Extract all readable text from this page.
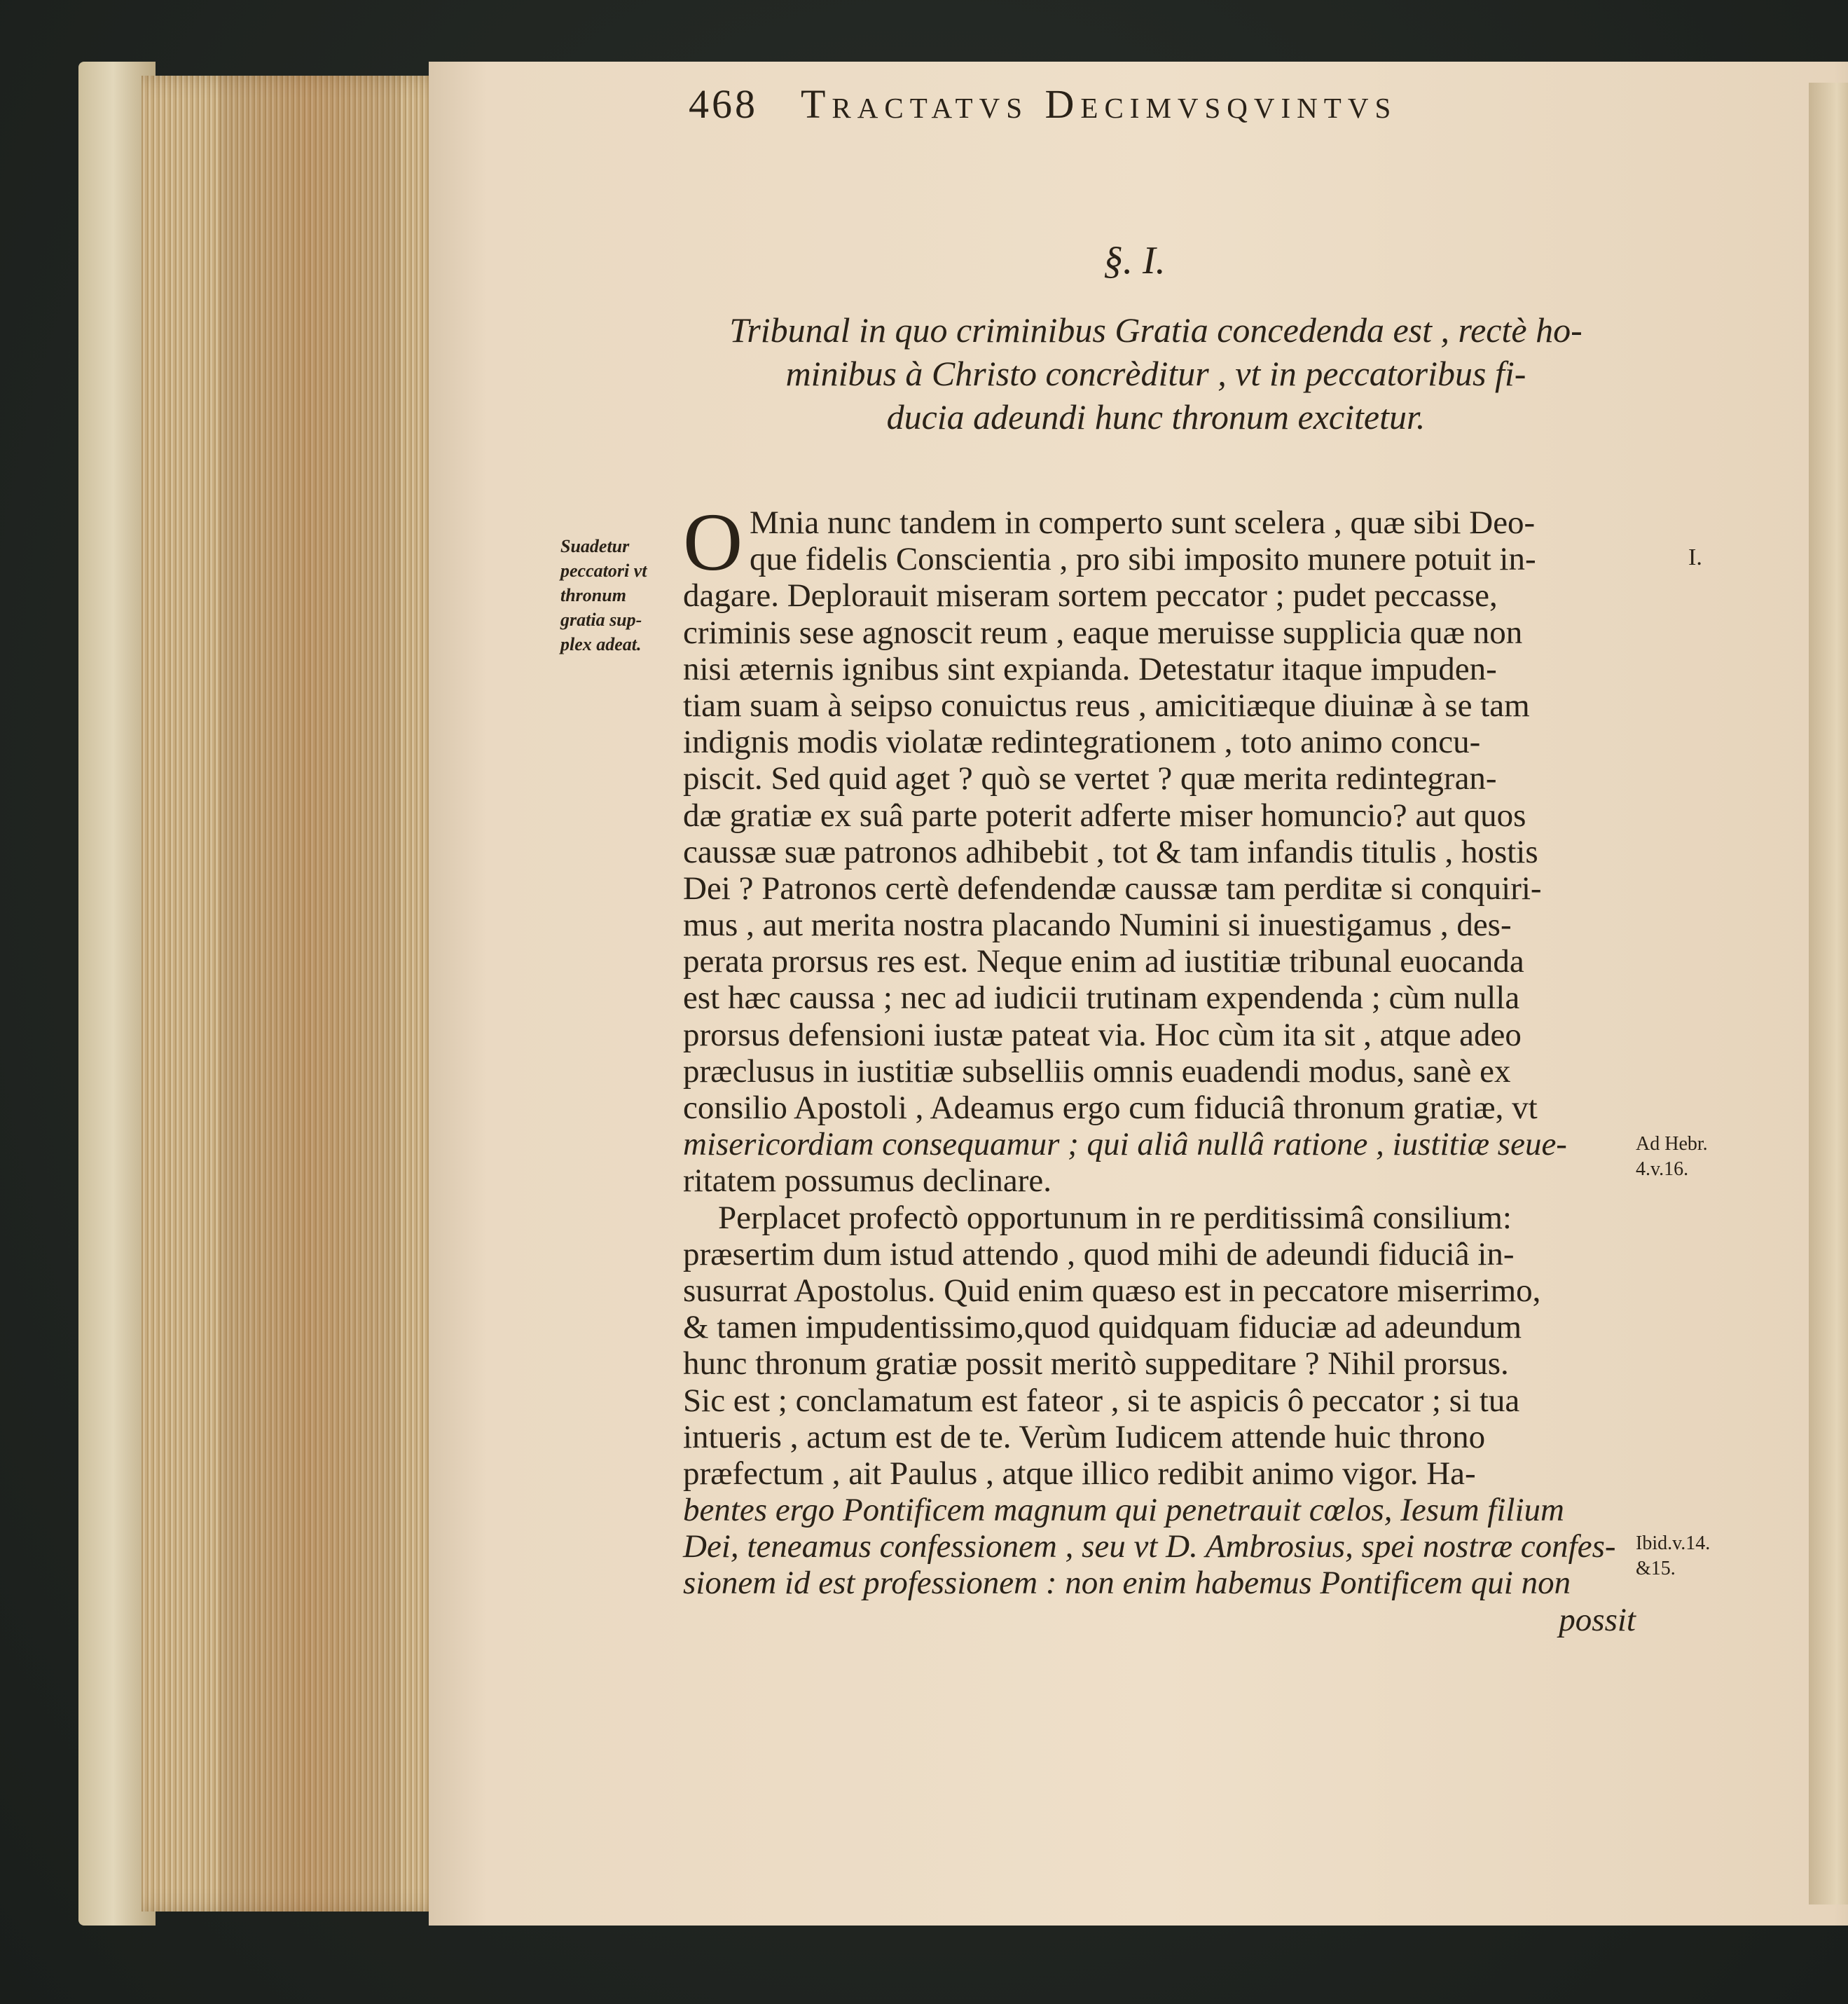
468 Tractatvs Decimvsqvintvs
§. I.
Tribunal in quo criminibus Gratia concedenda est , rectè ho-
minibus à Christo concrèditur , vt in peccatoribus fi-
ducia adeundi hunc thronum excitetur.
Suadetur
peccatori vt
thronum
gratia sup-
plex adeat.
I.
Ad Hebr.
4.v.16.
Ibid.v.14.
&15.
O Mnia nunc tandem in comperto sunt scelera , quæ sibi Deo-
que fidelis Conscientia , pro sibi imposito munere potuit in-
dagare. Deplorauit miseram sortem peccator ; pudet peccasse,
criminis sese agnoscit reum , eaque meruisse supplicia quæ non
nisi æternis ignibus sint expianda. Detestatur itaque impuden-
tiam suam à seipso conuictus reus , amicitiæque diuinæ à se tam
indignis modis violatæ redintegrationem , toto animo concu-
piscit. Sed quid aget ? quò se vertet ? quæ merita redintegran-
dæ gratiæ ex suâ parte poterit adferte miser homuncio? aut quos
caussæ suæ patronos adhibebit , tot & tam infandis titulis , hostis
Dei ? Patronos certè defendendæ caussæ tam perditæ si conquiri-
mus , aut merita nostra placando Numini si inuestigamus , des-
perata prorsus res est. Neque enim ad iustitiæ tribunal euocanda
est hæc caussa ; nec ad iudicii trutinam expendenda ; cùm nulla
prorsus defensioni iustæ pateat via. Hoc cùm ita sit , atque adeo
præclusus in iustitiæ subselliis omnis euadendi modus, sanè ex
consilio Apostoli , Adeamus ergo cum fiduciâ thronum gratiæ, vt
misericordiam consequamur ; qui aliâ nullâ ratione , iustitiæ seue-
ritatem possumus declinare.
Perplacet profectò opportunum in re perditissimâ consilium:
præsertim dum istud attendo , quod mihi de adeundi fiduciâ in-
susurrat Apostolus. Quid enim quæso est in peccatore miserrimo,
& tamen impudentissimo,quod quidquam fiduciæ ad adeundum
hunc thronum gratiæ possit meritò suppeditare ? Nihil prorsus.
Sic est ; conclamatum est fateor , si te aspicis ô peccator ; si tua
intueris , actum est de te. Verùm Iudicem attende huic throno
præfectum , ait Paulus , atque illico redibit animo vigor. Ha-
bentes ergo Pontificem magnum qui penetrauit cœlos, Iesum filium
Dei, teneamus confessionem , seu vt D. Ambrosius, spei nostræ confes-
sionem id est professionem : non enim habemus Pontificem qui non
possit
